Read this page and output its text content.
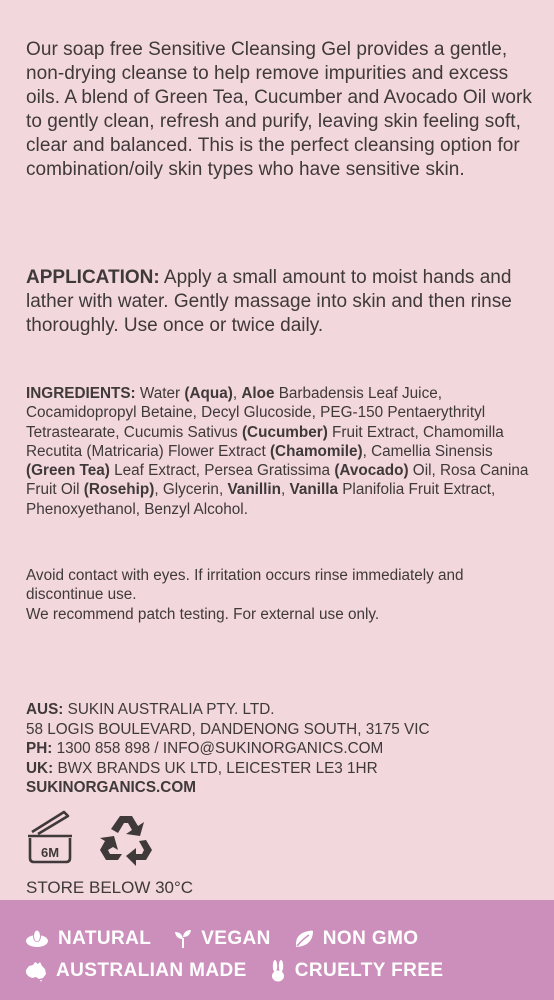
Our soap free Sensitive Cleansing Gel provides a gentle, non-drying cleanse to help remove impurities and excess oils. A blend of Green Tea, Cucumber and Avocado Oil work to gently clean, refresh and purify, leaving skin feeling soft, clear and balanced. This is the perfect cleansing option for combination/oily skin types who have sensitive skin.
APPLICATION: Apply a small amount to moist hands and lather with water. Gently massage into skin and then rinse thoroughly. Use once or twice daily.
INGREDIENTS: Water (Aqua), Aloe Barbadensis Leaf Juice, Cocamidopropyl Betaine, Decyl Glucoside, PEG-150 Pentaerythrityl Tetrastearate, Cucumis Sativus (Cucumber) Fruit Extract, Chamomilla Recutita (Matricaria) Flower Extract (Chamomile), Camellia Sinensis (Green Tea) Leaf Extract, Persea Gratissima (Avocado) Oil, Rosa Canina Fruit Oil (Rosehip), Glycerin, Vanillin, Vanilla Planifolia Fruit Extract, Phenoxyethanol, Benzyl Alcohol.
Avoid contact with eyes. If irritation occurs rinse immediately and discontinue use.
We recommend patch testing. For external use only.
AUS: SUKIN AUSTRALIA PTY. LTD.
58 LOGIS BOULEVARD, DANDENONG SOUTH, 3175 VIC
PH: 1300 858 898 / INFO@SUKINORGANICS.COM
UK: BWX BRANDS UK LTD, LEICESTER LE3 1HR
SUKINORGANICS.COM
6M
STORE BELOW 30°C
NATURAL	VEGAN	NON GMO
AUSTRALIAN MADE	CRUELTY FREE
